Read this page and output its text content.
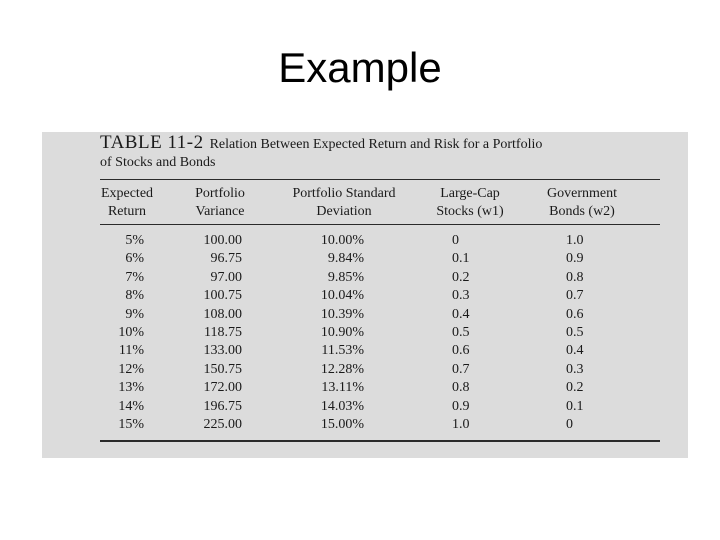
Example
TABLE 11-2 Relation Between Expected Return and Risk for a Portfolio
of Stocks and Bonds
Expected
Return
Portfolio
Variance
Portfolio Standard
Deviation
Large-Cap
Stocks (w1)
Government
Bonds (w2)
5%
6%
7%
8%
9%
10%
11%
12%
13%
14%
15%
100.00
96.75
97.00
100.75
108.00
118.75
133.00
150.75
172.00
196.75
225.00
10.00%
9.84%
9.85%
10.04%
10.39%
10.90%
11.53%
12.28%
13.11%
14.03%
15.00%
0
0.1
0.2
0.3
0.4
0.5
0.6
0.7
0.8
0.9
1.0
1.0
0.9
0.8
0.7
0.6
0.5
0.4
0.3
0.2
0.1
0
